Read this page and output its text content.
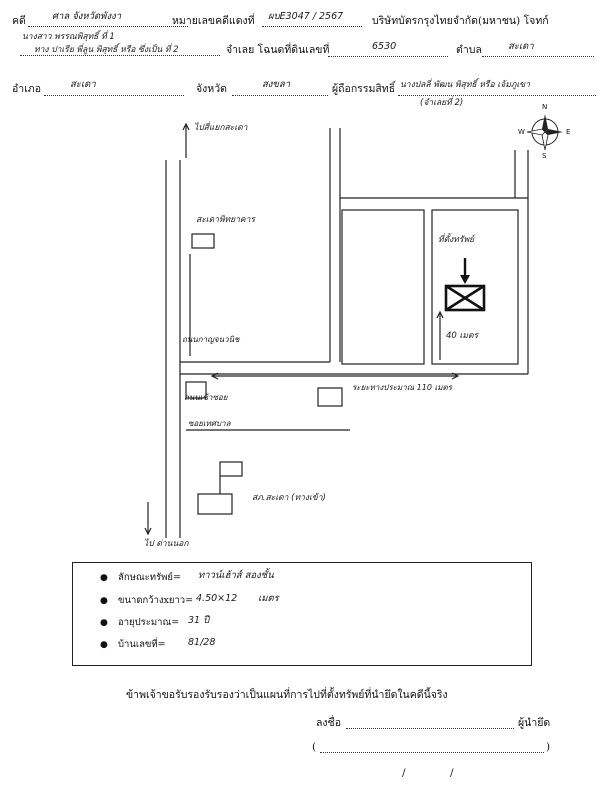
คดี	ศาล จังหวัดพังงา	หมายเลขคดีแดงที่ ผบE3047 / 2567	บริษัทบัตรกรุงไทยจำกัด(มหาชน) โจทก์
นางสาว พรรณพิสุทธิ์ ที่ 1
ทาง ปาเรีย พี่ลูน พิสุทธิ์ หรือ ซึ่งเป็น ที่ 2	จำเลย โฉนดที่ดินเลขที่	6530	ตำบล	สะเดา
อำเภอ	สะเดา	จังหวัด	สงขลา	ผู้ถือกรรมสิทธิ์ นางปลลี่ พัฒน พิสุทธิ์ หรือ เจ้มภูเขา
(จำเลยที่ 2)	N
S
W	E
ไปสี่แยกสะเดา
สะเดาพิทยาคาร
ถนนกาญจนวนิช
ที่ตั้งทรัพย์
40 เมตร
ถนนเข้าซอย
ระยะทางประมาณ 110 เมตร
ซอยเทศบาล
สภ.สะเดา (ทางเข้า)
ไป ด่านนอก
● ลักษณะทรัพย์= ทาวน์เฮ้าส์ สองชั้น
● ขนาดกว้างxยาว= 4.50×12 เมตร
● อายุประมาณ= 31 ปี
● บ้านเลขที่= 81/28
ข้าพเจ้าขอรับรองรับรองว่าเป็นแผนที่การไปที่ตั้งทรัพย์ที่นำยึดในคดีนี้จริง
ลงชื่อ	ผู้นำยึด
(	)
/	/
